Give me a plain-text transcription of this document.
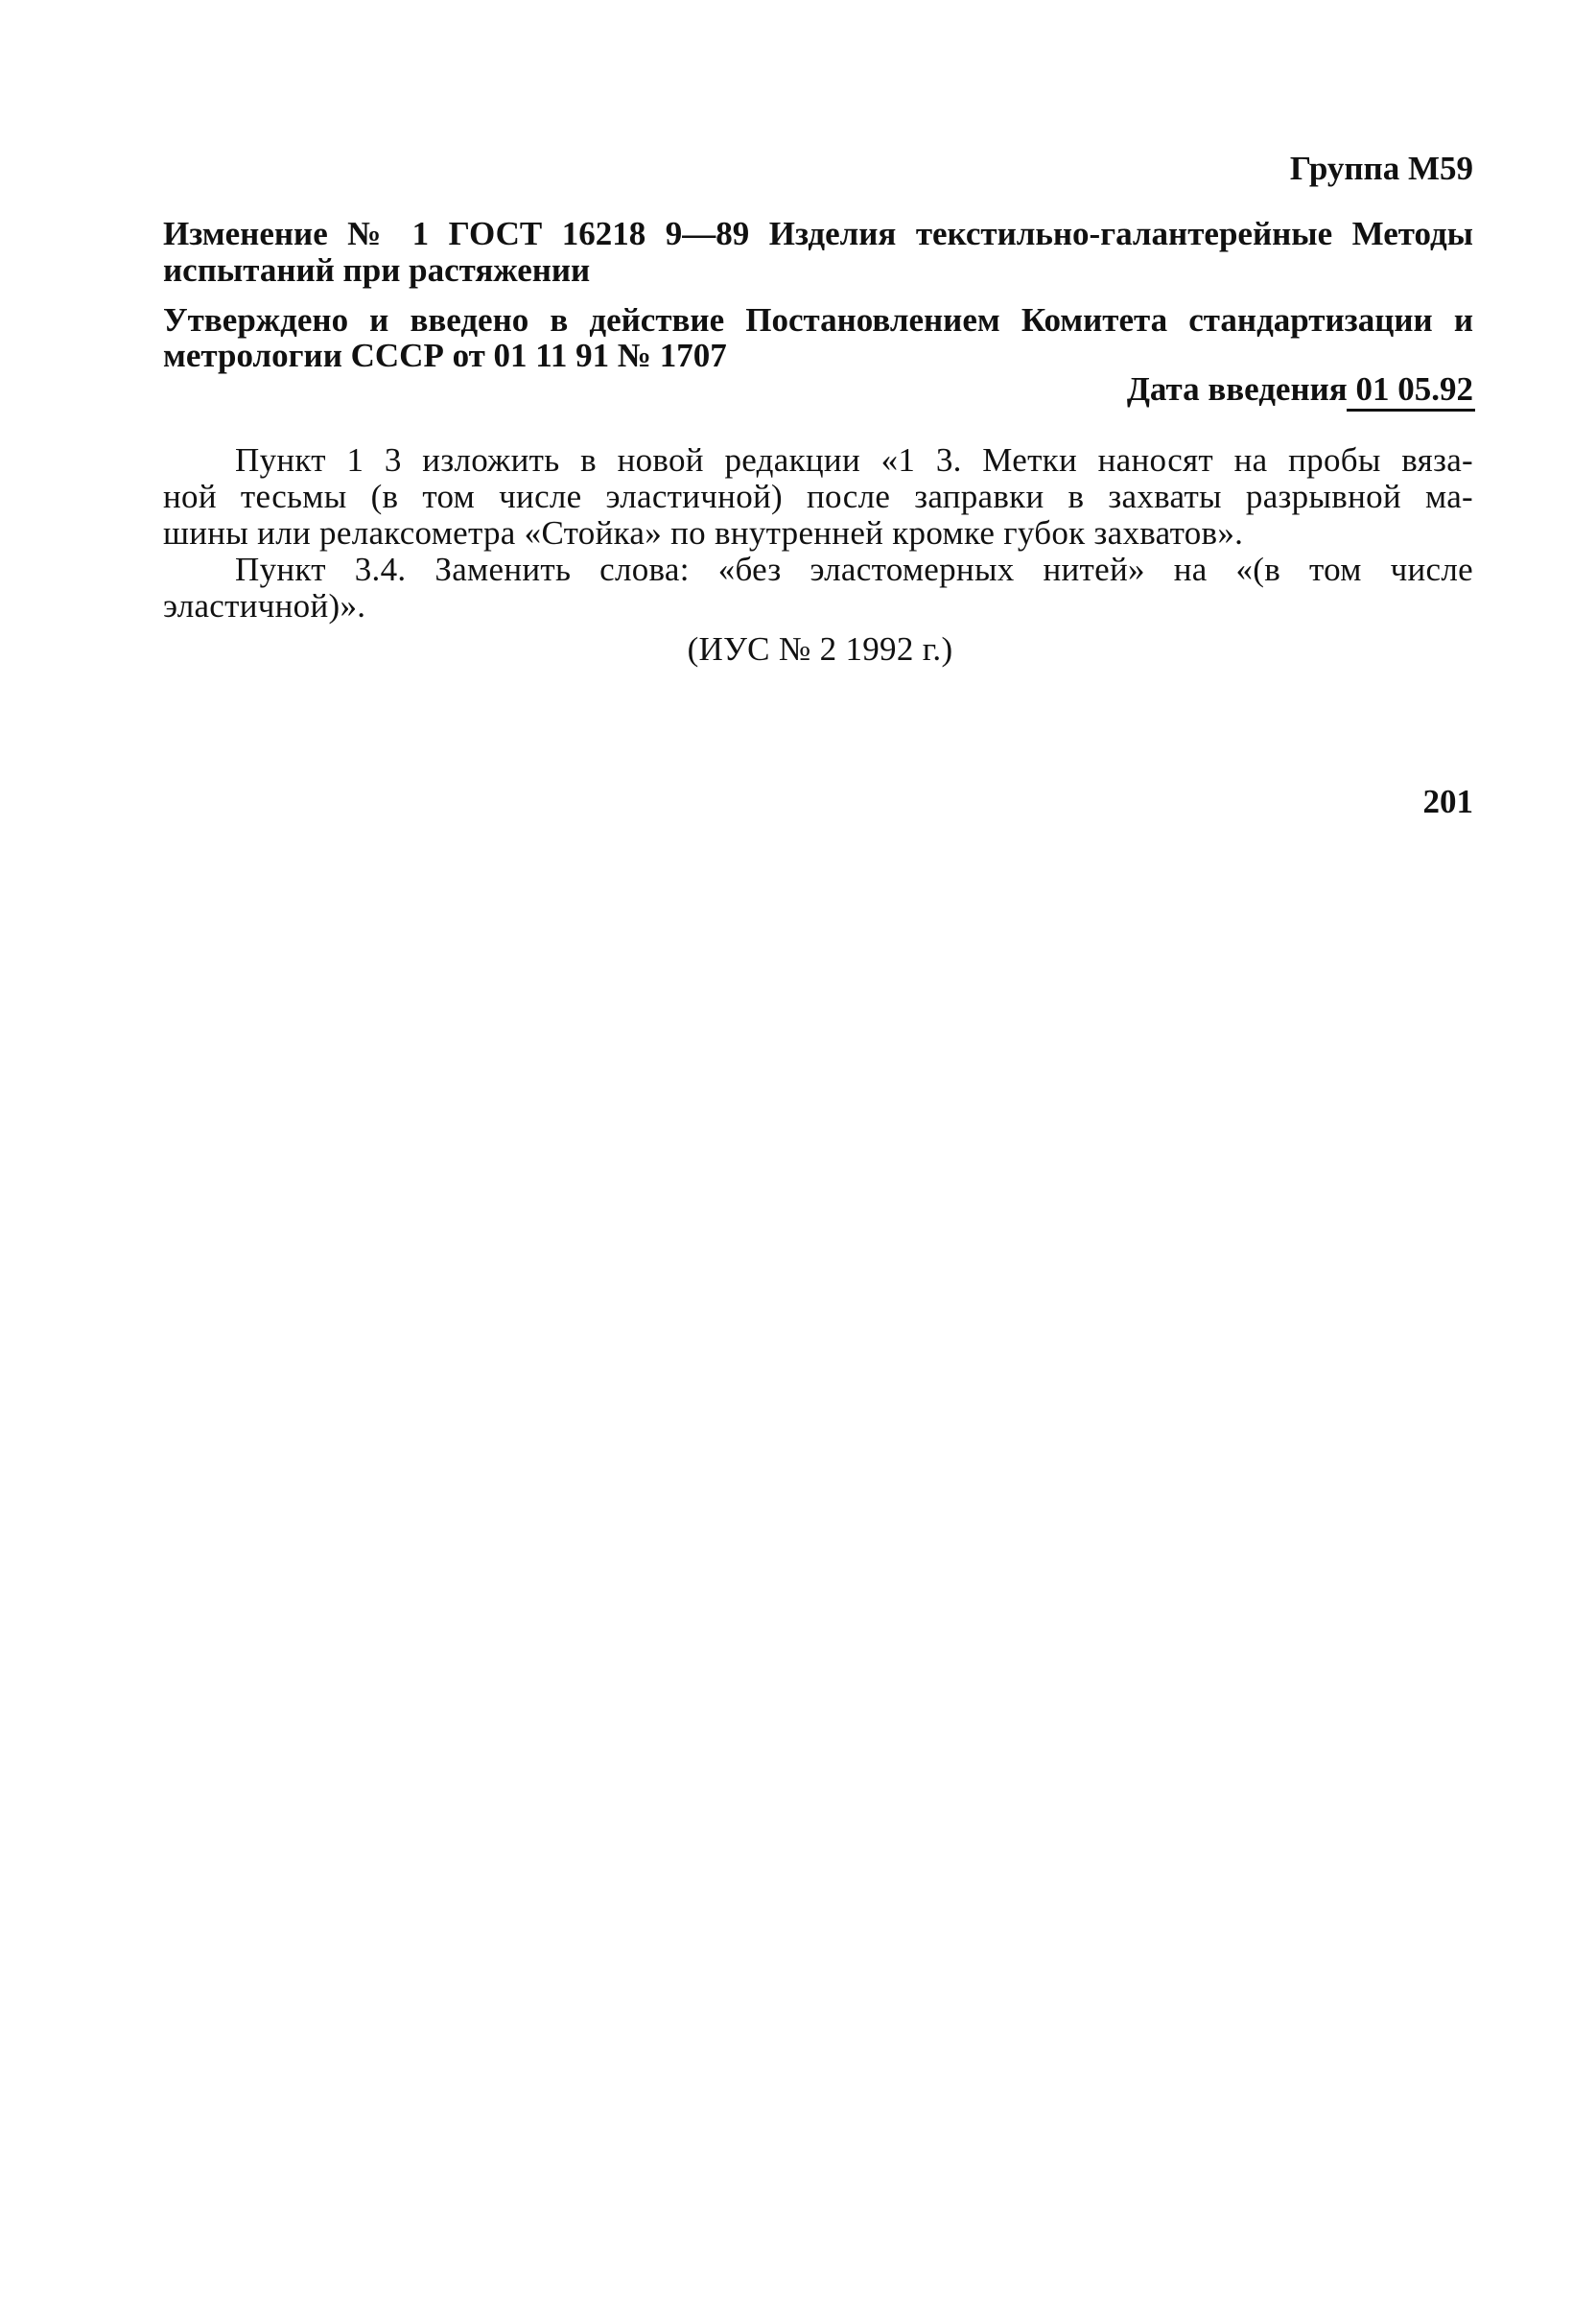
Группа М59
Изменение № 1 ГОСТ 16218 9—89 Изделия текстильно-галантерейные Методы
испытаний при растяжении
Утверждено и введено в действие Постановлением Комитета стандартизации и
метрологии СССР от 01 11 91 № 1707
Дата введения 01 05.92
Пункт 1 3 изложить в новой редакции «1 3. Метки наносят на пробы вяза-
ной тесьмы (в том числе эластичной) после заправки в захваты разрывной ма-
шины или релаксометра «Стойка» по внутренней кромке губок захватов».
Пункт 3.4. Заменить слова: «без эластомерных нитей» на «(в том числе
эластичной)».
(ИУС № 2 1992 г.)
201
